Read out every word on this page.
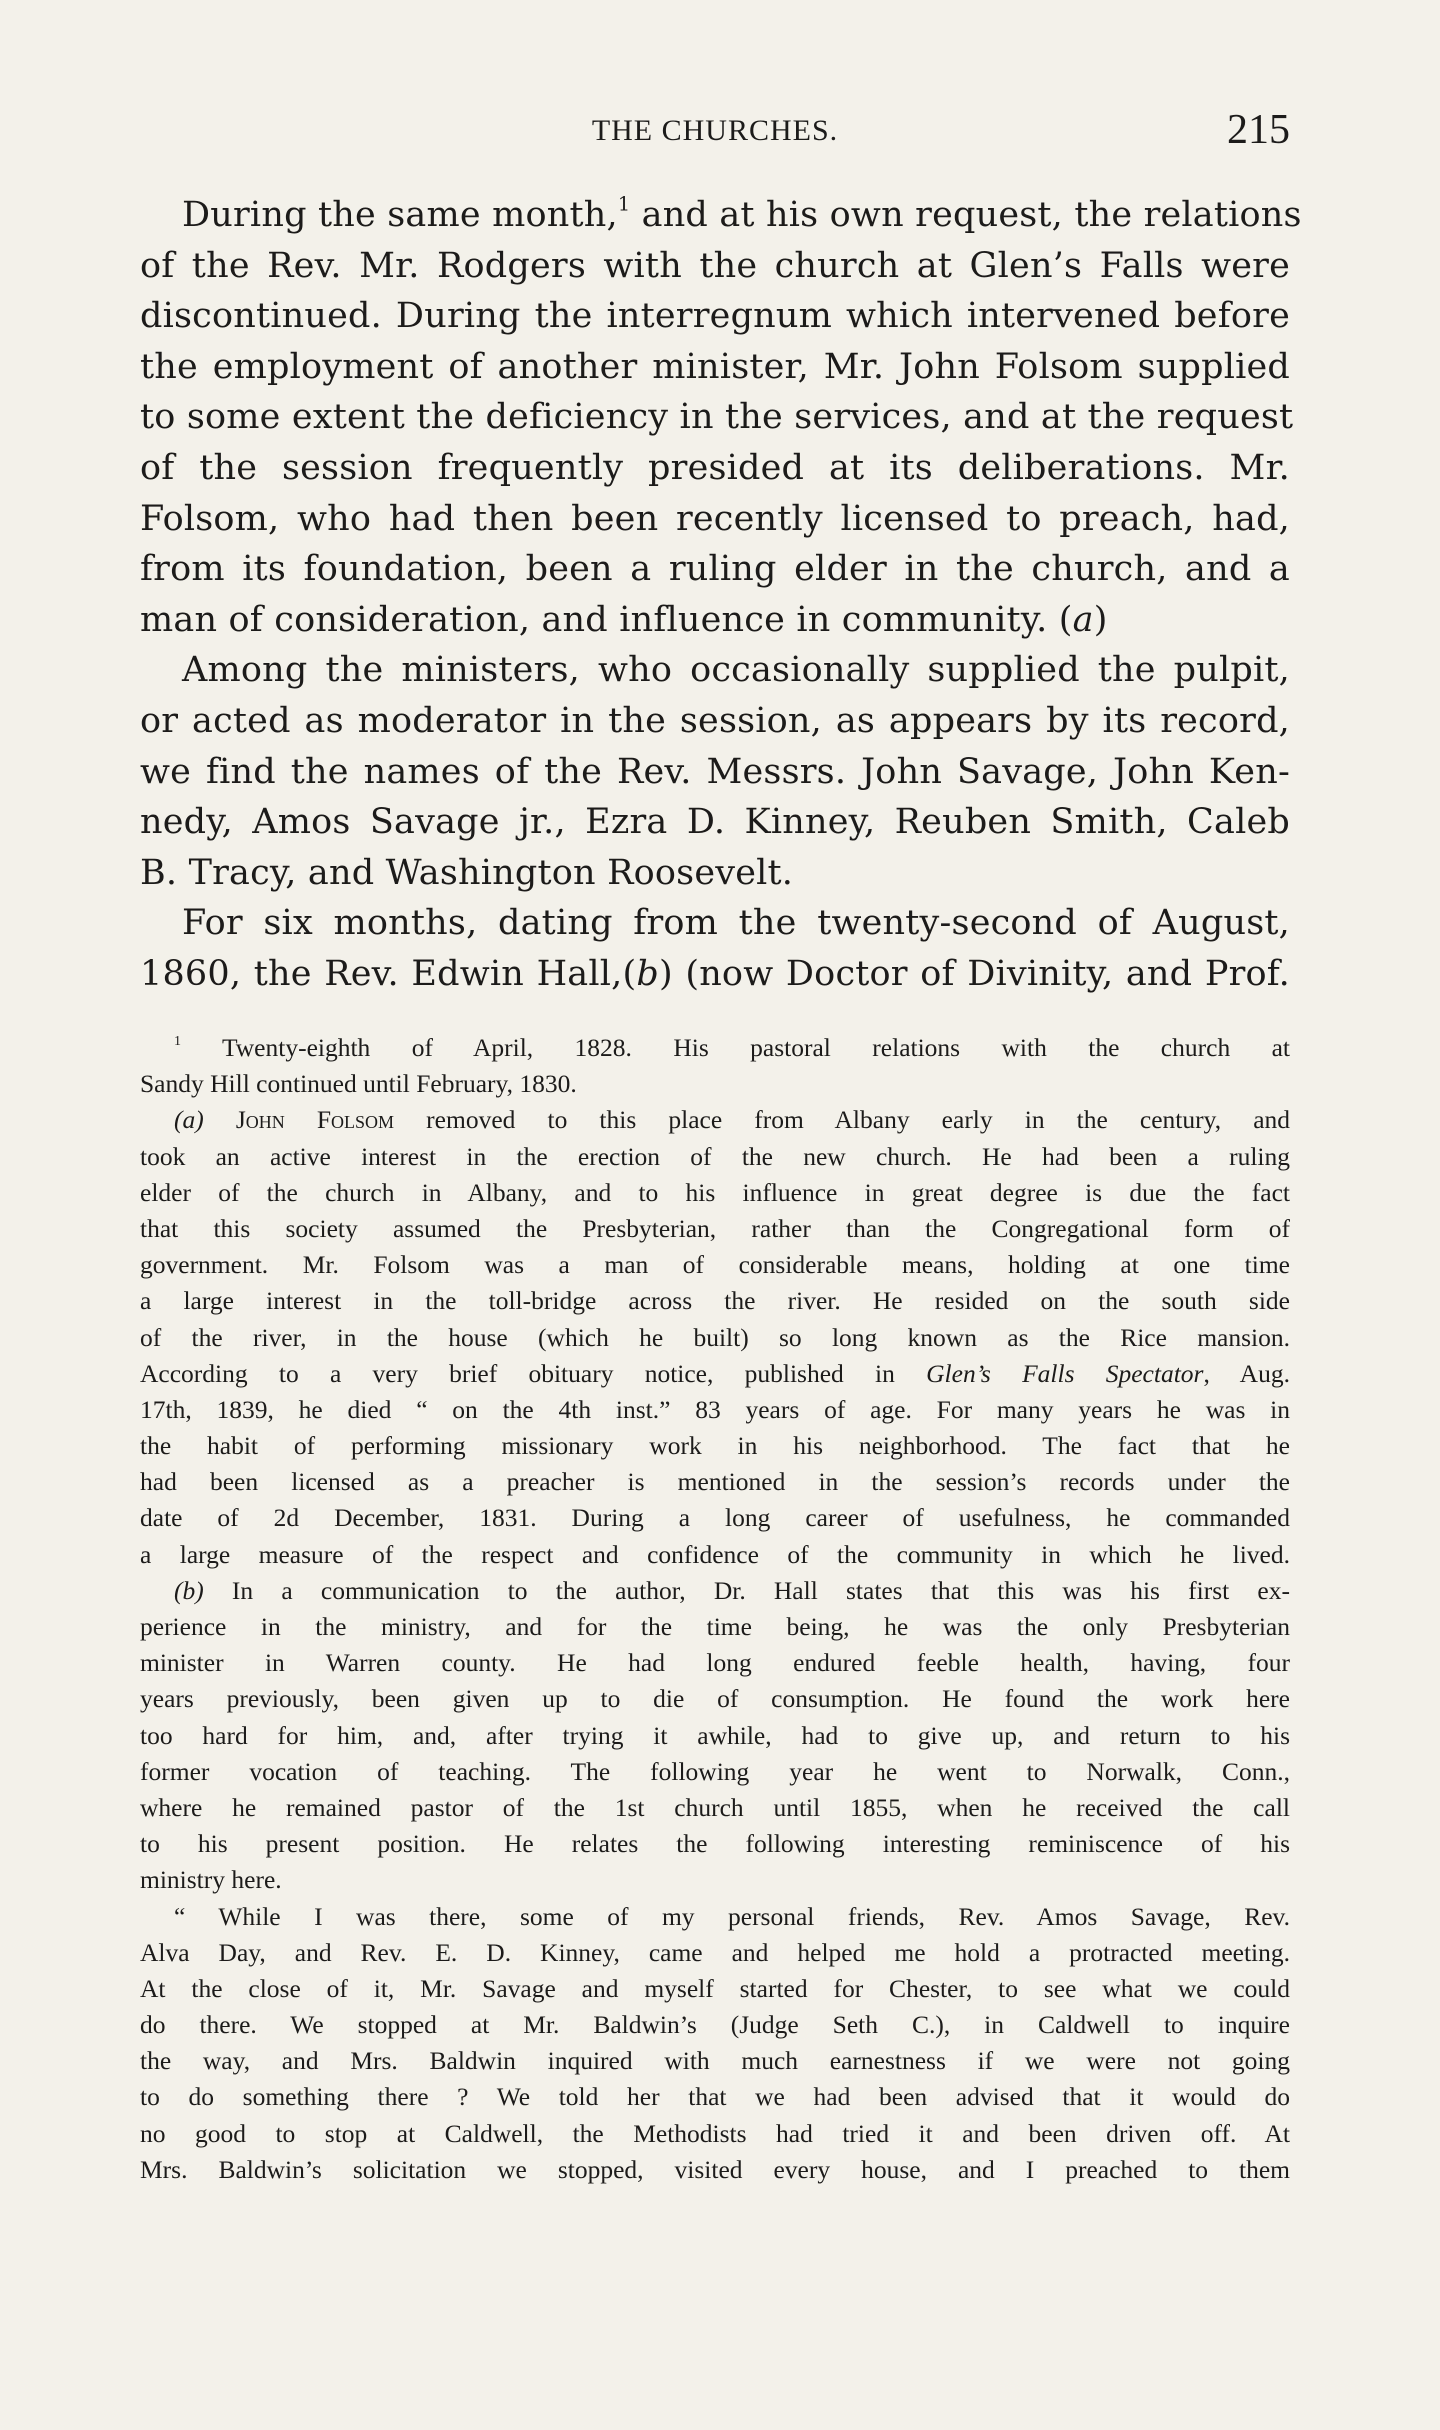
THE CHURCHES.	215
During the same month,$^1$ and at his own request, the relations
of the Rev. Mr. Rodgers with the church at Glen’s Falls were
discontinued. During the interregnum which intervened before
the employment of another minister, Mr. John Folsom supplied
to some extent the deficiency in the services, and at the request
of the session frequently presided at its deliberations. Mr.
Folsom, who had then been recently licensed to preach, had,
from its foundation, been a ruling elder in the church, and a
man of consideration, and influence in community. (a)
Among the ministers, who occasionally supplied the pulpit,
or acted as moderator in the session, as appears by its record,
we find the names of the Rev. Messrs. John Savage, John Ken-
nedy, Amos Savage jr., Ezra D. Kinney, Reuben Smith, Caleb
B. Tracy, and Washington Roosevelt.
For six months, dating from the twenty-second of August,
1860, the Rev. Edwin Hall,(b) (now Doctor of Divinity, and Prof.
$^1$ Twenty-eighth of April, 1828. His pastoral relations with the church at
Sandy Hill continued until February, 1830.
(a) John Folsom removed to this place from Albany early in the century, and
took an active interest in the erection of the new church. He had been a ruling
elder of the church in Albany, and to his influence in great degree is due the fact
that this society assumed the Presbyterian, rather than the Congregational form of
government. Mr. Folsom was a man of considerable means, holding at one time
a large interest in the toll-bridge across the river. He resided on the south side
of the river, in the house (which he built) so long known as the Rice mansion.
According to a very brief obituary notice, published in Glen’s Falls Spectator, Aug.
17th, 1839, he died “ on the 4th inst.” 83 years of age. For many years he was in
the habit of performing missionary work in his neighborhood. The fact that he
had been licensed as a preacher is mentioned in the session’s records under the
date of 2d December, 1831. During a long career of usefulness, he commanded
a large measure of the respect and confidence of the community in which he lived.
(b) In a communication to the author, Dr. Hall states that this was his first ex-
perience in the ministry, and for the time being, he was the only Presbyterian
minister in Warren county. He had long endured feeble health, having, four
years previously, been given up to die of consumption. He found the work here
too hard for him, and, after trying it awhile, had to give up, and return to his
former vocation of teaching. The following year he went to Norwalk, Conn.,
where he remained pastor of the 1st church until 1855, when he received the call
to his present position. He relates the following interesting reminiscence of his
ministry here.
“ While I was there, some of my personal friends, Rev. Amos Savage, Rev.
Alva Day, and Rev. E. D. Kinney, came and helped me hold a protracted meeting.
At the close of it, Mr. Savage and myself started for Chester, to see what we could
do there. We stopped at Mr. Baldwin’s (Judge Seth C.), in Caldwell to inquire
the way, and Mrs. Baldwin inquired with much earnestness if we were not going
to do something there ? We told her that we had been advised that it would do
no good to stop at Caldwell, the Methodists had tried it and been driven off. At
Mrs. Baldwin’s solicitation we stopped, visited every house, and I preached to them
